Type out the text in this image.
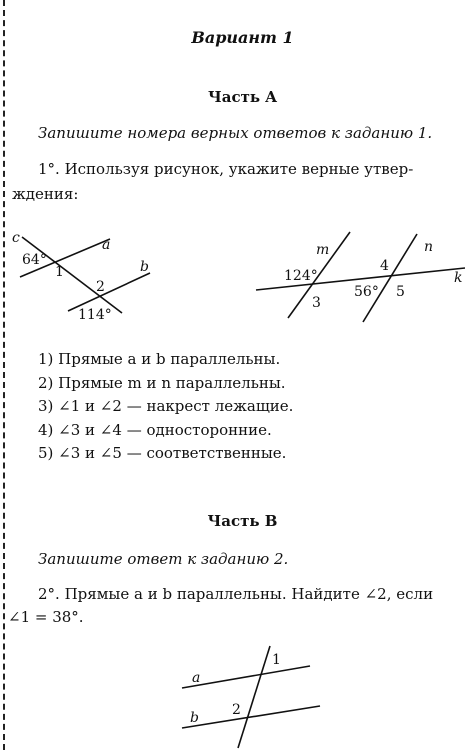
Вариант 1
Часть A
Запишите номера верных ответов к заданию 1.
1°. Используя рисунок, укажите верные утвер-
ждения:
c	a
b
64°
1
2
114°
m	n
k
124°
3
4
56° 5
1) Прямые a и b параллельны.
2) Прямые m и n параллельны.
3) ∠1 и ∠2 — накрест лежащие.
4) ∠3 и ∠4 — односторонние.
5) ∠3 и ∠5 — соответственные.
Часть B
Запишите ответ к заданию 2.
2°. Прямые a и b параллельны. Найдите ∠2, если
∠1 = 38°.
a
b
1
2
